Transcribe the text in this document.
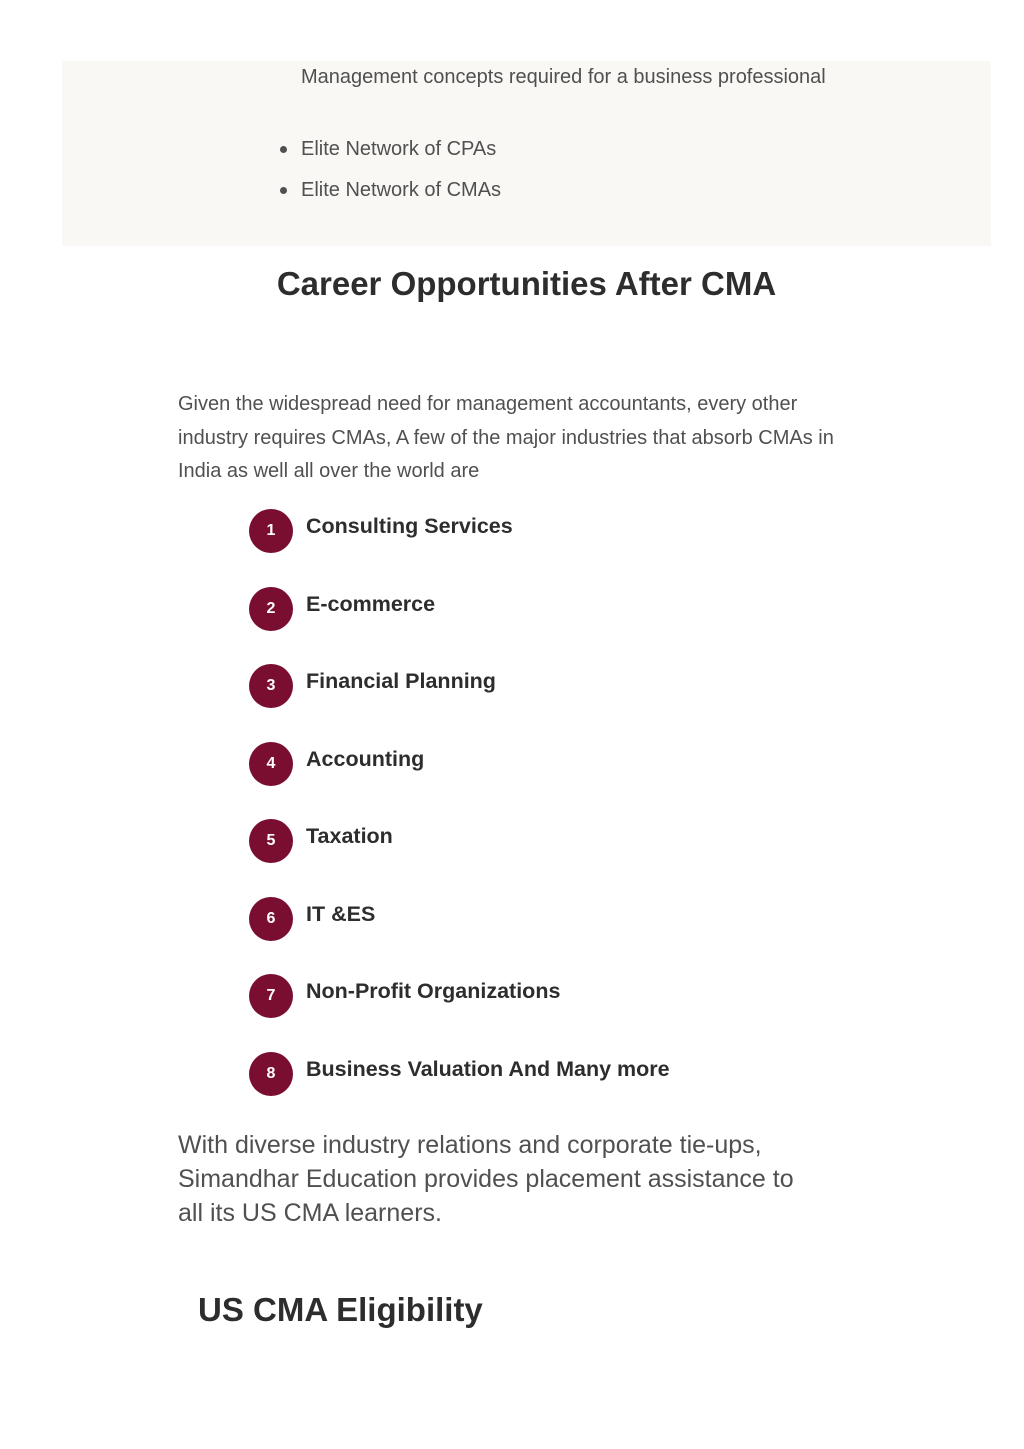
Management concepts required for a business professional

Elite Network of CPAs
Elite Network of CMAs
Career Opportunities After CMA

Given the widespread need for management accountants, every other industry requires CMAs, A few of the major industries that absorb CMAs in India as well all over the world are

1	Consulting Services
2	E-commerce
3	Financial Planning
4	Accounting
5	Taxation
6	IT &ES
7	Non-Profit Organizations
8	Business Valuation And Many more

With diverse industry relations and corporate tie-ups, Simandhar Education provides placement assistance to all its US CMA learners.

US CMA Eligibility
